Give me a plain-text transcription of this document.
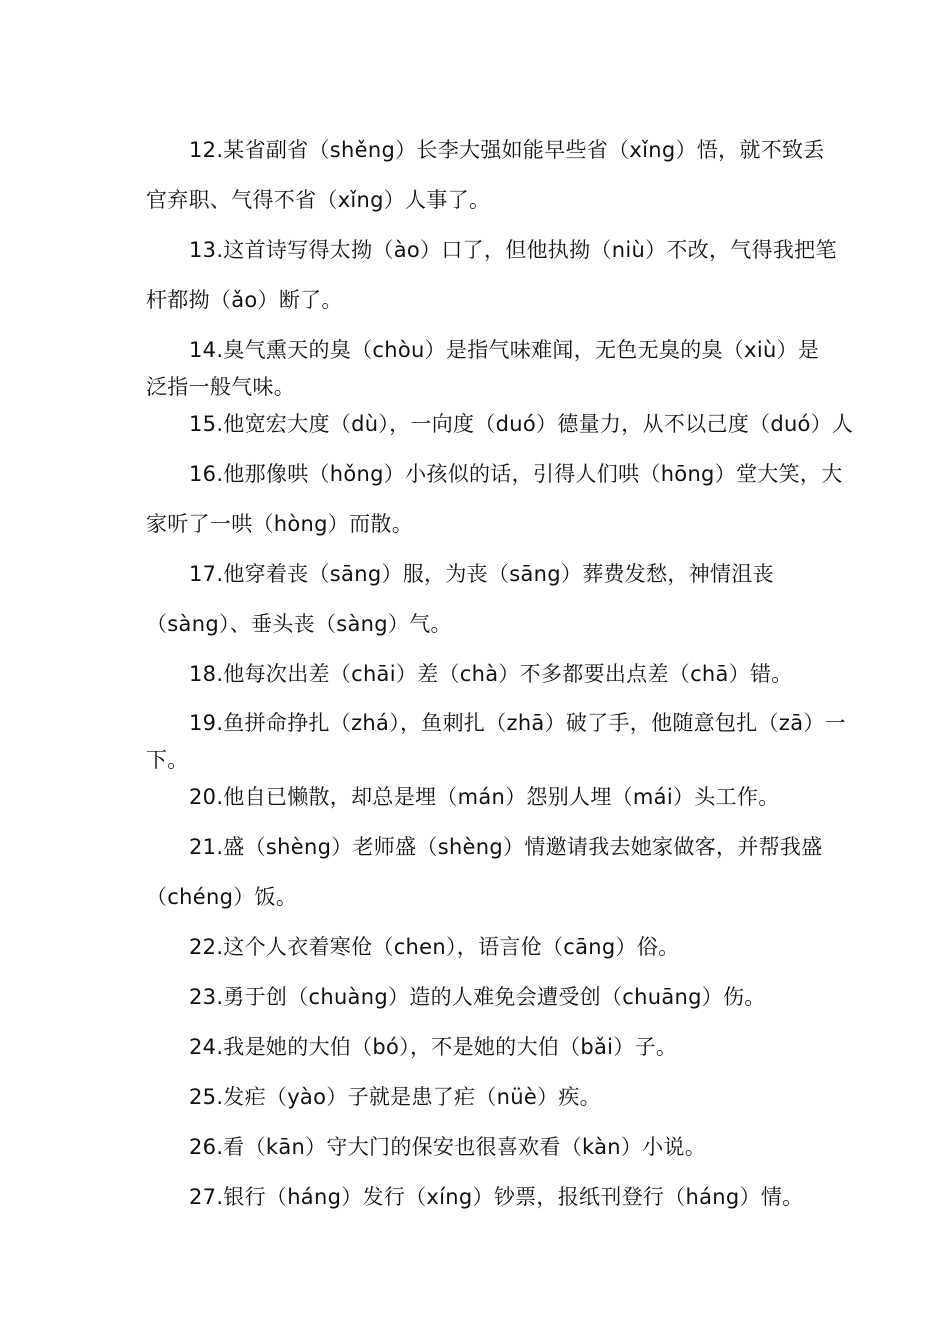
12.某省副省（shěng）长李大强如能早些省（xǐng）悟，就不致丢
官弃职、气得不省（xǐng）人事了。
13.这首诗写得太拗（ào）口了，但他执拗（niù）不改，气得我把笔
杆都拗（ǎo）断了。
14.臭气熏天的臭（chòu）是指气味难闻，无色无臭的臭（xiù）是
泛指一般气味。
15.他宽宏大度（dù），一向度（duó）德量力，从不以己度（duó）人
16.他那像哄（hǒng）小孩似的话，引得人们哄（hōng）堂大笑，大
家听了一哄（hòng）而散。
17.他穿着丧（sāng）服，为丧（sāng）葬费发愁，神情沮丧
（sàng）、垂头丧（sàng）气。
18.他每次出差（chāi）差（chà）不多都要出点差（chā）错。
19.鱼拼命挣扎（zhá），鱼刺扎（zhā）破了手，他随意包扎（zā）一
下。
20.他自已懒散，却总是埋（mán）怨别人埋（mái）头工作。
21.盛（shèng）老师盛（shèng）情邀请我去她家做客，并帮我盛
（chéng）饭。
22.这个人衣着寒伧（chen），语言伧（cāng）俗。
23.勇于创（chuàng）造的人难免会遭受创（chuāng）伤。
24.我是她的大伯（bó），不是她的大伯（bǎi）子。
25.发疟（yào）子就是患了疟（nüè）疾。
26.看（kān）守大门的保安也很喜欢看（kàn）小说。
27.银行（háng）发行（xíng）钞票，报纸刊登行（háng）情。
